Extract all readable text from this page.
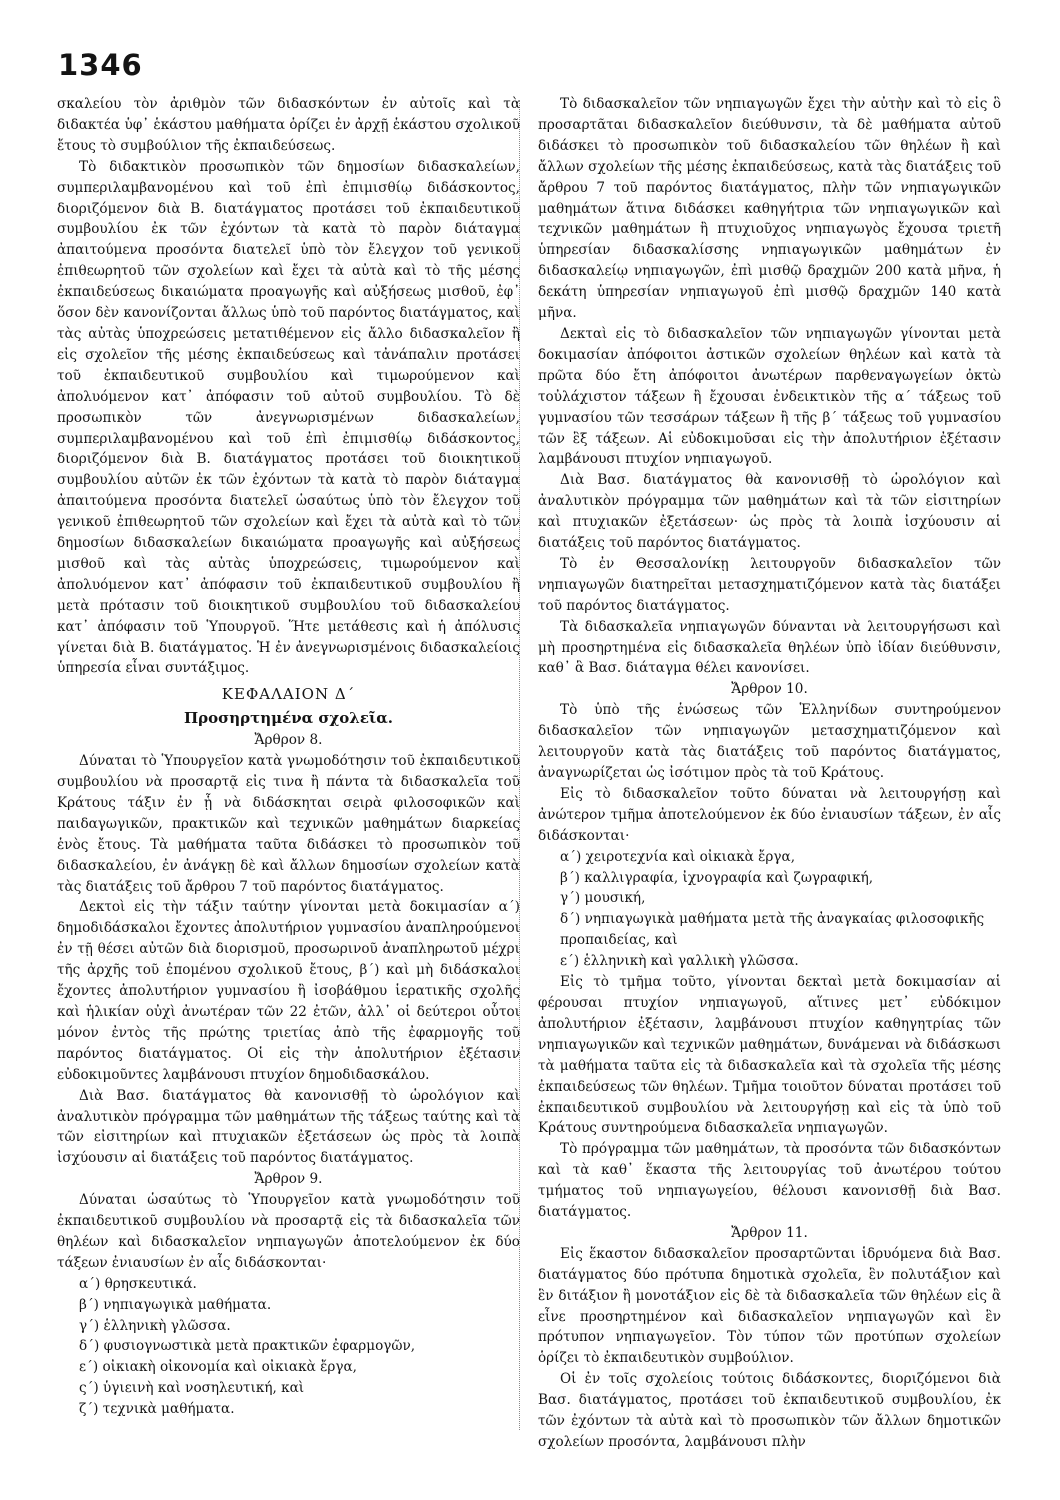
1346

σκαλείου τὸν ἀριθμὸν τῶν διδασκόντων ἐν αὐτοῖς καὶ τὰ διδακτέα ὑφ᾽ ἑκάστου μαθήματα ὁρίζει ἐν ἀρχῇ ἑκάστου σχολικοῦ ἔτους τὸ συμβούλιον τῆς ἐκπαιδεύσεως.

Τὸ διδακτικὸν προσωπικὸν τῶν δημοσίων διδασκαλείων, συμπεριλαμβανομένου καὶ τοῦ ἐπὶ ἐπιμισθίῳ διδάσκοντος, διοριζόμενον διὰ Β. διατάγματος προτάσει τοῦ ἐκπαιδευτικοῦ συμβουλίου ἐκ τῶν ἐχόντων τὰ κατὰ τὸ παρὸν διάταγμα ἀπαιτούμενα προσόντα διατελεῖ ὑπὸ τὸν ἔλεγχον τοῦ γενικοῦ ἐπιθεωρητοῦ τῶν σχολείων καὶ ἔχει τὰ αὐτὰ καὶ τὸ τῆς μέσης ἐκπαιδεύσεως δικαιώματα προαγωγῆς καὶ αὐξήσεως μισθοῦ, ἐφ᾽ ὅσον δὲν κανονίζονται ἄλλως ὑπὸ τοῦ παρόντος διατάγματος, καὶ τὰς αὐτὰς ὑποχρεώσεις μετατιθέμενον εἰς ἄλλο διδασκαλεῖον ἢ εἰς σχολεῖον τῆς μέσης ἐκπαιδεύσεως καὶ τἀνάπαλιν προτάσει τοῦ ἐκπαιδευτικοῦ συμβουλίου καὶ τιμωρούμενον καὶ ἀπολυόμενον κατ᾽ ἀπόφασιν τοῦ αὐτοῦ συμβουλίου. Τὸ δὲ προσωπικὸν τῶν ἀνεγνωρισμένων διδασκαλείων, συμπεριλαμβανομένου καὶ τοῦ ἐπὶ ἐπιμισθίῳ διδάσκοντος, διοριζόμενον διὰ Β. διατάγματος προτάσει τοῦ διοικητικοῦ συμβουλίου αὐτῶν ἐκ τῶν ἐχόντων τὰ κατὰ τὸ παρὸν διάταγμα ἀπαιτούμενα προσόντα διατελεῖ ὡσαύτως ὑπὸ τὸν ἔλεγχον τοῦ γενικοῦ ἐπιθεωρητοῦ τῶν σχολείων καὶ ἔχει τὰ αὐτὰ καὶ τὸ τῶν δημοσίων διδασκαλείων δικαιώματα προαγωγῆς καὶ αὐξήσεως μισθοῦ καὶ τὰς αὐτὰς ὑποχρεώσεις, τιμωρούμενον καὶ ἀπολυόμενον κατ᾽ ἀπόφασιν τοῦ ἐκπαιδευτικοῦ συμβουλίου ἢ μετὰ πρότασιν τοῦ διοικητικοῦ συμβουλίου τοῦ διδασκαλείου κατ᾽ ἀπόφασιν τοῦ Ὑπουργοῦ. Ἥτε μετάθεσις καὶ ἡ ἀπόλυσις γίνεται διὰ Β. διατάγματος. Ἡ ἐν ἀνεγνωρισμένοις διδασκαλείοις ὑπηρεσία εἶναι συντάξιμος.

ΚΕΦΑΛΑΙΟΝ Δ´
Προσηρτημένα σχολεῖα.
Ἄρθρον 8.

Δύναται τὸ Ὑπουργεῖον κατὰ γνωμοδότησιν τοῦ ἐκπαιδευτικοῦ συμβουλίου νὰ προσαρτᾷ εἰς τινα ἢ πάντα τὰ διδασκαλεῖα τοῦ Κράτους τάξιν ἐν ᾗ νὰ διδάσκηται σειρὰ φιλοσοφικῶν καὶ παιδαγωγικῶν, πρακτικῶν καὶ τεχνικῶν μαθημάτων διαρκείας ἑνὸς ἔτους. Τὰ μαθήματα ταῦτα διδάσκει τὸ προσωπικὸν τοῦ διδασκαλείου, ἐν ἀνάγκῃ δὲ καὶ ἄλλων δημοσίων σχολείων κατὰ τὰς διατάξεις τοῦ ἄρθρου 7 τοῦ παρόντος διατάγματος.

Δεκτοὶ εἰς τὴν τάξιν ταύτην γίνονται μετὰ δοκιμασίαν α´) δημοδιδάσκαλοι ἔχοντες ἀπολυτήριον γυμνασίου ἀναπληρούμενοι ἐν τῇ θέσει αὐτῶν διὰ διορισμοῦ, προσωρινοῦ ἀναπληρωτοῦ μέχρι τῆς ἀρχῆς τοῦ ἐπομένου σχολικοῦ ἔτους, β´) καὶ μὴ διδάσκαλοι ἔχοντες ἀπολυτήριον γυμνασίου ἢ ἰσοβάθμου ἱερατικῆς σχολῆς καὶ ἡλικίαν οὐχὶ ἀνωτέραν τῶν 22 ἐτῶν, ἀλλ᾽ οἱ δεύτεροι οὗτοι μόνον ἐντὸς τῆς πρώτης τριετίας ἀπὸ τῆς ἐφαρμογῆς τοῦ παρόντος διατάγματος. Οἱ εἰς τὴν ἀπολυτήριον ἐξέτασιν εὐδοκιμοῦντες λαμβάνουσι πτυχίον δημοδιδασκάλου.

Διὰ Βασ. διατάγματος θὰ κανονισθῇ τὸ ὡρολόγιον καὶ ἀναλυτικὸν πρόγραμμα τῶν μαθημάτων τῆς τάξεως ταύτης καὶ τὰ τῶν εἰσιτηρίων καὶ πτυχιακῶν ἐξετάσεων ὡς πρὸς τὰ λοιπὰ ἰσχύουσιν αἱ διατάξεις τοῦ παρόντος διατάγματος.

Ἄρθρον 9.

Δύναται ὡσαύτως τὸ Ὑπουργεῖον κατὰ γνωμοδότησιν τοῦ ἐκπαιδευτικοῦ συμβουλίου νὰ προσαρτᾷ εἰς τὰ διδασκαλεῖα τῶν θηλέων καὶ διδασκαλεῖον νηπιαγωγῶν ἀποτελούμενον ἐκ δύο τάξεων ἐνιαυσίων ἐν αἷς διδάσκονται·

α´) θρησκευτικά.
β´) νηπιαγωγικὰ μαθήματα.
γ´) ἑλληνικὴ γλῶσσα.
δ´) φυσιογνωστικὰ μετὰ πρακτικῶν ἐφαρμογῶν,
ε´) οἰκιακὴ οἰκονομία καὶ οἰκιακὰ ἔργα,
ς´) ὑγιεινὴ καὶ νοσηλευτική, καὶ
ζ´) τεχνικὰ μαθήματα.

Τὸ διδασκαλεῖον τῶν νηπιαγωγῶν ἔχει τὴν αὐτὴν καὶ τὸ εἰς ὃ προσαρτᾶται διδασκαλεῖον διεύθυνσιν, τὰ δὲ μαθήματα αὐτοῦ διδάσκει τὸ προσωπικὸν τοῦ διδασκαλείου τῶν θηλέων ἢ καὶ ἄλλων σχολείων τῆς μέσης ἐκπαιδεύσεως, κατὰ τὰς διατάξεις τοῦ ἄρθρου 7 τοῦ παρόντος διατάγματος, πλὴν τῶν νηπιαγωγικῶν μαθημάτων ἅτινα διδάσκει καθηγήτρια τῶν νηπιαγωγικῶν καὶ τεχνικῶν μαθημάτων ἢ πτυχιοῦχος νηπιαγωγὸς ἔχουσα τριετῆ ὑπηρεσίαν διδασκαλίσσης νηπιαγωγικῶν μαθημάτων ἐν διδασκαλείῳ νηπιαγωγῶν, ἐπὶ μισθῷ δραχμῶν 200 κατὰ μῆνα, ἡ δεκάτη ὑπηρεσίαν νηπιαγωγοῦ ἐπὶ μισθῷ δραχμῶν 140 κατὰ μῆνα.

Δεκταὶ εἰς τὸ διδασκαλεῖον τῶν νηπιαγωγῶν γίνονται μετὰ δοκιμασίαν ἀπόφοιτοι ἀστικῶν σχολείων θηλέων καὶ κατὰ τὰ πρῶτα δύο ἔτη ἀπόφοιτοι ἀνωτέρων παρθεναγωγείων ὀκτὼ τοὐλάχιστον τάξεων ἢ ἔχουσαι ἐνδεικτικὸν τῆς α´ τάξεως τοῦ γυμνασίου τῶν τεσσάρων τάξεων ἢ τῆς β´ τάξεως τοῦ γυμνασίου τῶν ἓξ τάξεων. Αἱ εὐδοκιμοῦσαι εἰς τὴν ἀπολυτήριον ἐξέτασιν λαμβάνουσι πτυχίον νηπιαγωγοῦ.

Διὰ Βασ. διατάγματος θὰ κανονισθῇ τὸ ὡρολόγιον καὶ ἀναλυτικὸν πρόγραμμα τῶν μαθημάτων καὶ τὰ τῶν εἰσιτηρίων καὶ πτυχιακῶν ἐξετάσεων· ὡς πρὸς τὰ λοιπὰ ἰσχύουσιν αἱ διατάξεις τοῦ παρόντος διατάγματος.

Τὸ ἐν Θεσσαλονίκῃ λειτουργοῦν διδασκαλεῖον τῶν νηπιαγωγῶν διατηρεῖται μετασχηματιζόμενον κατὰ τὰς διατάξει τοῦ παρόντος διατάγματος.

Τὰ διδασκαλεῖα νηπιαγωγῶν δύνανται νὰ λειτουργήσωσι καὶ μὴ προσηρτημένα εἰς διδασκαλεῖα θηλέων ὑπὸ ἰδίαν διεύθυνσιν, καθ᾽ ἃ Βασ. διάταγμα θέλει κανονίσει.

Ἄρθρον 10.

Τὸ ὑπὸ τῆς ἑνώσεως τῶν Ἑλληνίδων συντηρούμενον διδασκαλεῖον τῶν νηπιαγωγῶν μετασχηματιζόμενον καὶ λειτουργοῦν κατὰ τὰς διατάξεις τοῦ παρόντος διατάγματος, ἀναγνωρίζεται ὡς ἰσότιμον πρὸς τὰ τοῦ Κράτους.

Εἰς τὸ διδασκαλεῖον τοῦτο δύναται νὰ λειτουργήσῃ καὶ ἀνώτερον τμῆμα ἀποτελούμενον ἐκ δύο ἐνιαυσίων τάξεων, ἐν αἷς διδάσκονται·

α´) χειροτεχνία καὶ οἰκιακὰ ἔργα,
β´) καλλιγραφία, ἰχνογραφία καὶ ζωγραφική,
γ´) μουσική,
δ´) νηπιαγωγικὰ μαθήματα μετὰ τῆς ἀναγκαίας φιλοσοφικῆς προπαιδείας, καὶ
ε´) ἑλληνικὴ καὶ γαλλικὴ γλῶσσα.

Εἰς τὸ τμῆμα τοῦτο, γίνονται δεκταὶ μετὰ δοκιμασίαν αἱ φέρουσαι πτυχίον νηπιαγωγοῦ, αἵτινες μετ᾽ εὐδόκιμον ἀπολυτήριον ἐξέτασιν, λαμβάνουσι πτυχίον καθηγητρίας τῶν νηπιαγωγικῶν καὶ τεχνικῶν μαθημάτων, δυνάμεναι νὰ διδάσκωσι τὰ μαθήματα ταῦτα εἰς τὰ διδασκαλεῖα καὶ τὰ σχολεῖα τῆς μέσης ἐκπαιδεύσεως τῶν θηλέων. Τμῆμα τοιοῦτον δύναται προτάσει τοῦ ἐκπαιδευτικοῦ συμβουλίου νὰ λειτουργήσῃ καὶ εἰς τὰ ὑπὸ τοῦ Κράτους συντηρούμενα διδασκαλεῖα νηπιαγωγῶν.

Τὸ πρόγραμμα τῶν μαθημάτων, τὰ προσόντα τῶν διδασκόντων καὶ τὰ καθ᾽ ἕκαστα τῆς λειτουργίας τοῦ ἀνωτέρου τούτου τμήματος τοῦ νηπιαγωγείου, θέλουσι κανονισθῇ διὰ Βασ. διατάγματος.

Ἄρθρον 11.

Εἰς ἕκαστον διδασκαλεῖον προσαρτῶνται ἱδρυόμενα διὰ Βασ. διατάγματος δύο πρότυπα δημοτικὰ σχολεῖα, ἓν πολυτάξιον καὶ ἓν διτάξιον ἢ μονοτάξιον εἰς δὲ τὰ διδασκαλεῖα τῶν θηλέων εἰς ἃ εἶνε προσηρτημένον καὶ διδασκαλεῖον νηπιαγωγῶν καὶ ἓν πρότυπον νηπιαγωγεῖον. Τὸν τύπον τῶν προτύπων σχολείων ὁρίζει τὸ ἐκπαιδευτικὸν συμβούλιον.

Οἱ ἐν τοῖς σχολείοις τούτοις διδάσκοντες, διοριζόμενοι διὰ Βασ. διατάγματος, προτάσει τοῦ ἐκπαιδευτικοῦ συμβουλίου, ἐκ τῶν ἐχόντων τὰ αὐτὰ καὶ τὸ προσωπικὸν τῶν ἄλλων δημοτικῶν σχολείων προσόντα, λαμβάνουσι πλὴν
